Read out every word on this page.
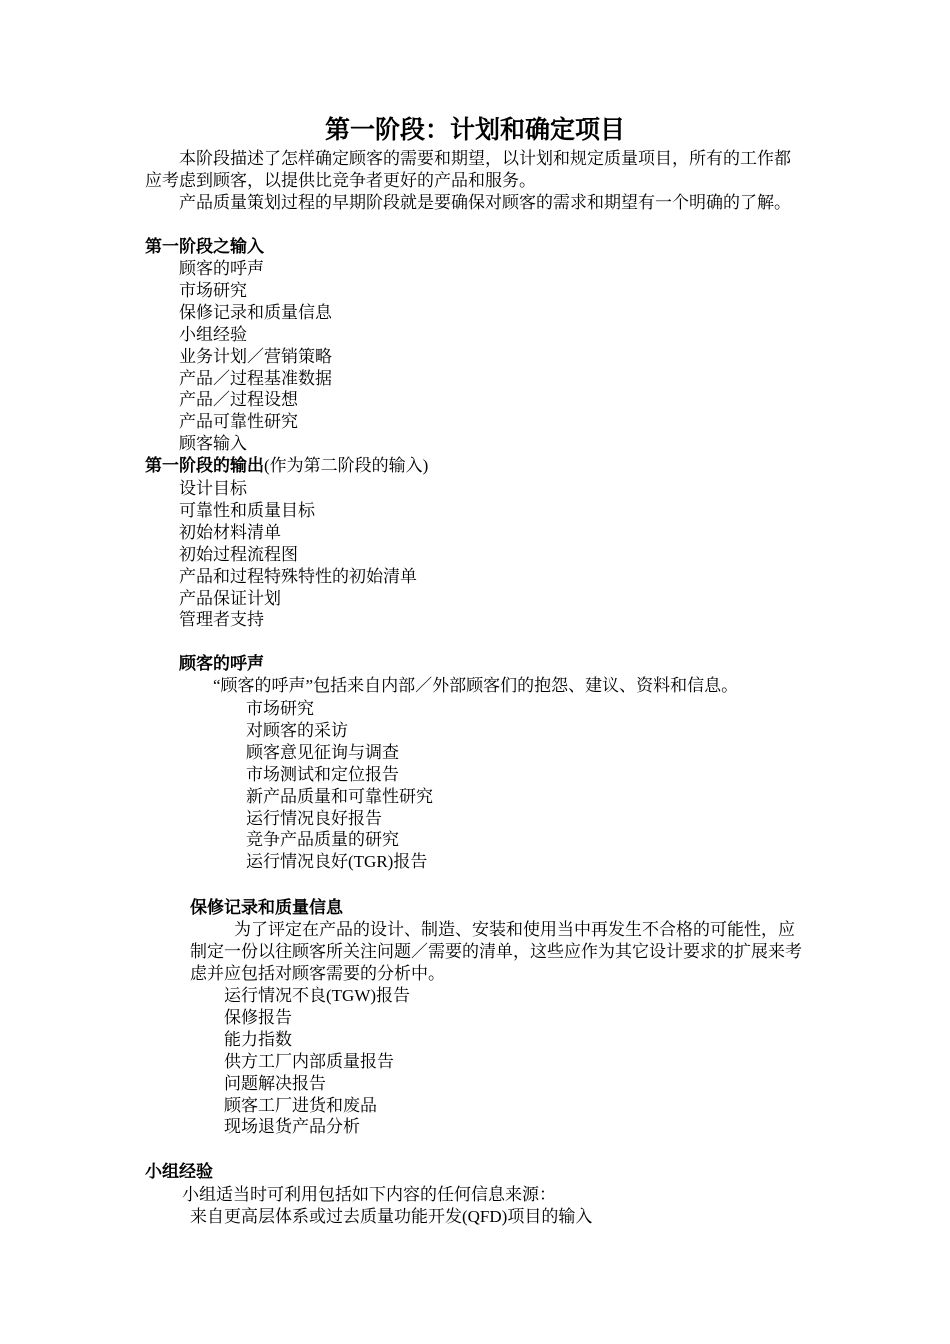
第一阶段：计划和确定项目

本阶段描述了怎样确定顾客的需要和期望，以计划和规定质量项目，所有的工作都应考虑到顾客，以提供比竞争者更好的产品和服务。

产品质量策划过程的早期阶段就是要确保对顾客的需求和期望有一个明确的了解。

第一阶段之输入
顾客的呼声
市场研究
保修记录和质量信息
小组经验
业务计划／营销策略
产品／过程基准数据
产品／过程设想
产品可靠性研究
顾客输入
第一阶段的输出(作为第二阶段的输入)
设计目标
可靠性和质量目标
初始材料清单
初始过程流程图
产品和过程特殊特性的初始清单
产品保证计划
管理者支持
顾客的呼声

“顾客的呼声”包括来自内部／外部顾客们的抱怨、建议、资料和信息。

市场研究
对顾客的采访
顾客意见征询与调查
市场测试和定位报告
新产品质量和可靠性研究
运行情况良好报告
竞争产品质量的研究
运行情况良好(TGR)报告
保修记录和质量信息

为了评定在产品的设计、制造、安装和使用当中再发生不合格的可能性，应制定一份以往顾客所关注问题／需要的清单，这些应作为其它设计要求的扩展来考虑并应包括对顾客需要的分析中。

运行情况不良(TGW)报告
保修报告
能力指数
供方工厂内部质量报告
问题解决报告
顾客工厂进货和废品
现场退货产品分析
小组经验

小组适当时可利用包括如下内容的任何信息来源：

来自更高层体系或过去质量功能开发(QFD)项目的输入
